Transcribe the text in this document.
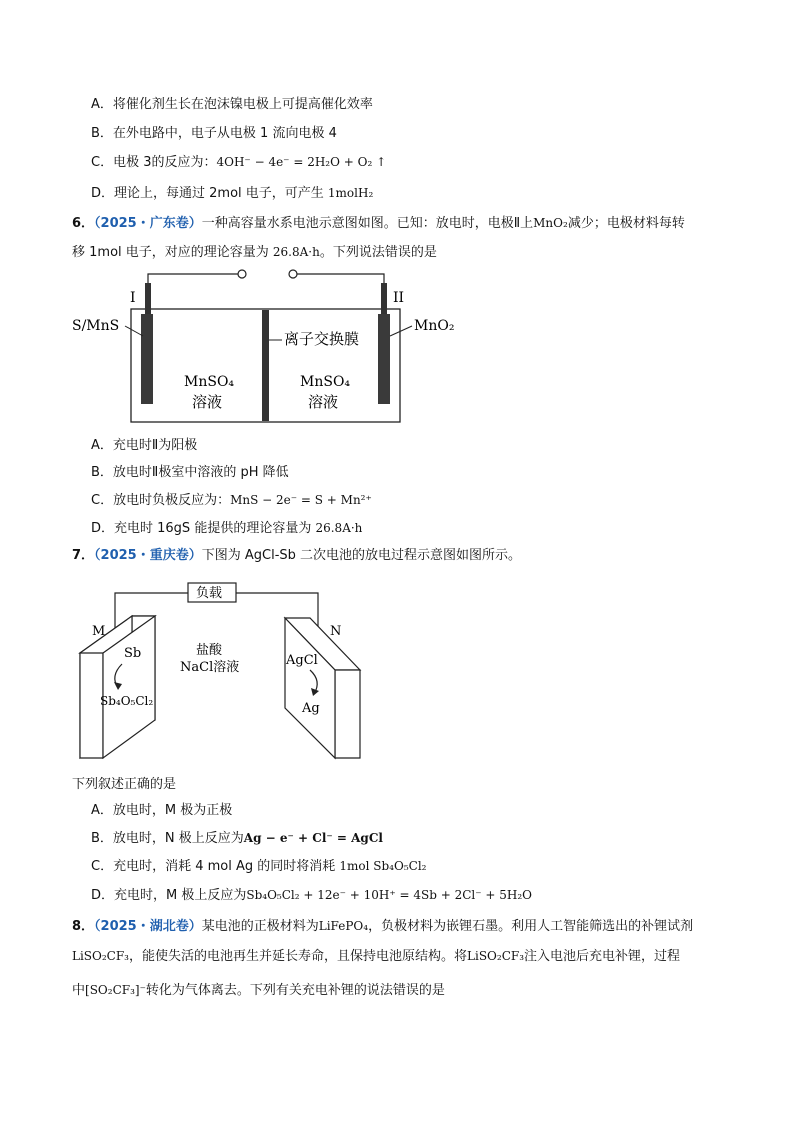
A．将催化剂生长在泡沫镍电极上可提高催化效率
B．在外电路中，电子从电极 1 流向电极 4
C．电极 3的反应为：4OH⁻ − 4e⁻ = 2H₂O + O₂ ↑
D．理论上，每通过 2mol 电子，可产生 1molH₂
6．（2025・广东卷）一种高容量水系电池示意图如图。已知：放电时，电极Ⅱ上MnO₂减少；电极材料每转
移 1mol 电子，对应的理论容量为 26.8A·h。下列说法错误的是
I	II
S/MnS	MnO₂
离子交换膜
MnSO₄
溶液
MnSO₄
溶液
A．充电时Ⅱ为阳极
B．放电时Ⅱ极室中溶液的 pH 降低
C．放电时负极反应为：MnS − 2e⁻ = S + Mn²⁺
D．充电时 16gS 能提供的理论容量为 26.8A·h
7．（2025・重庆卷）下图为 AgCl-Sb 二次电池的放电过程示意图如图所示。
负载
M
Sb
Sb₄O₅Cl₂
盐酸
NaCl溶液
N
AgCl
Ag
下列叙述正确的是
A．放电时，M 极为正极
B．放电时，N 极上反应为Ag − e⁻ + Cl⁻ = AgCl
C．充电时，消耗 4 mol Ag 的同时将消耗 1mol Sb₄O₅Cl₂
D．充电时，M 极上反应为Sb₄O₅Cl₂ + 12e⁻ + 10H⁺ = 4Sb + 2Cl⁻ + 5H₂O
8．（2025・湖北卷）某电池的正极材料为LiFePO₄，负极材料为嵌锂石墨。利用人工智能筛选出的补锂试剂
LiSO₂CF₃，能使失活的电池再生并延长寿命，且保持电池原结构。将LiSO₂CF₃注入电池后充电补锂，过程
中[SO₂CF₃]⁻转化为气体离去。下列有关充电补锂的说法错误的是
